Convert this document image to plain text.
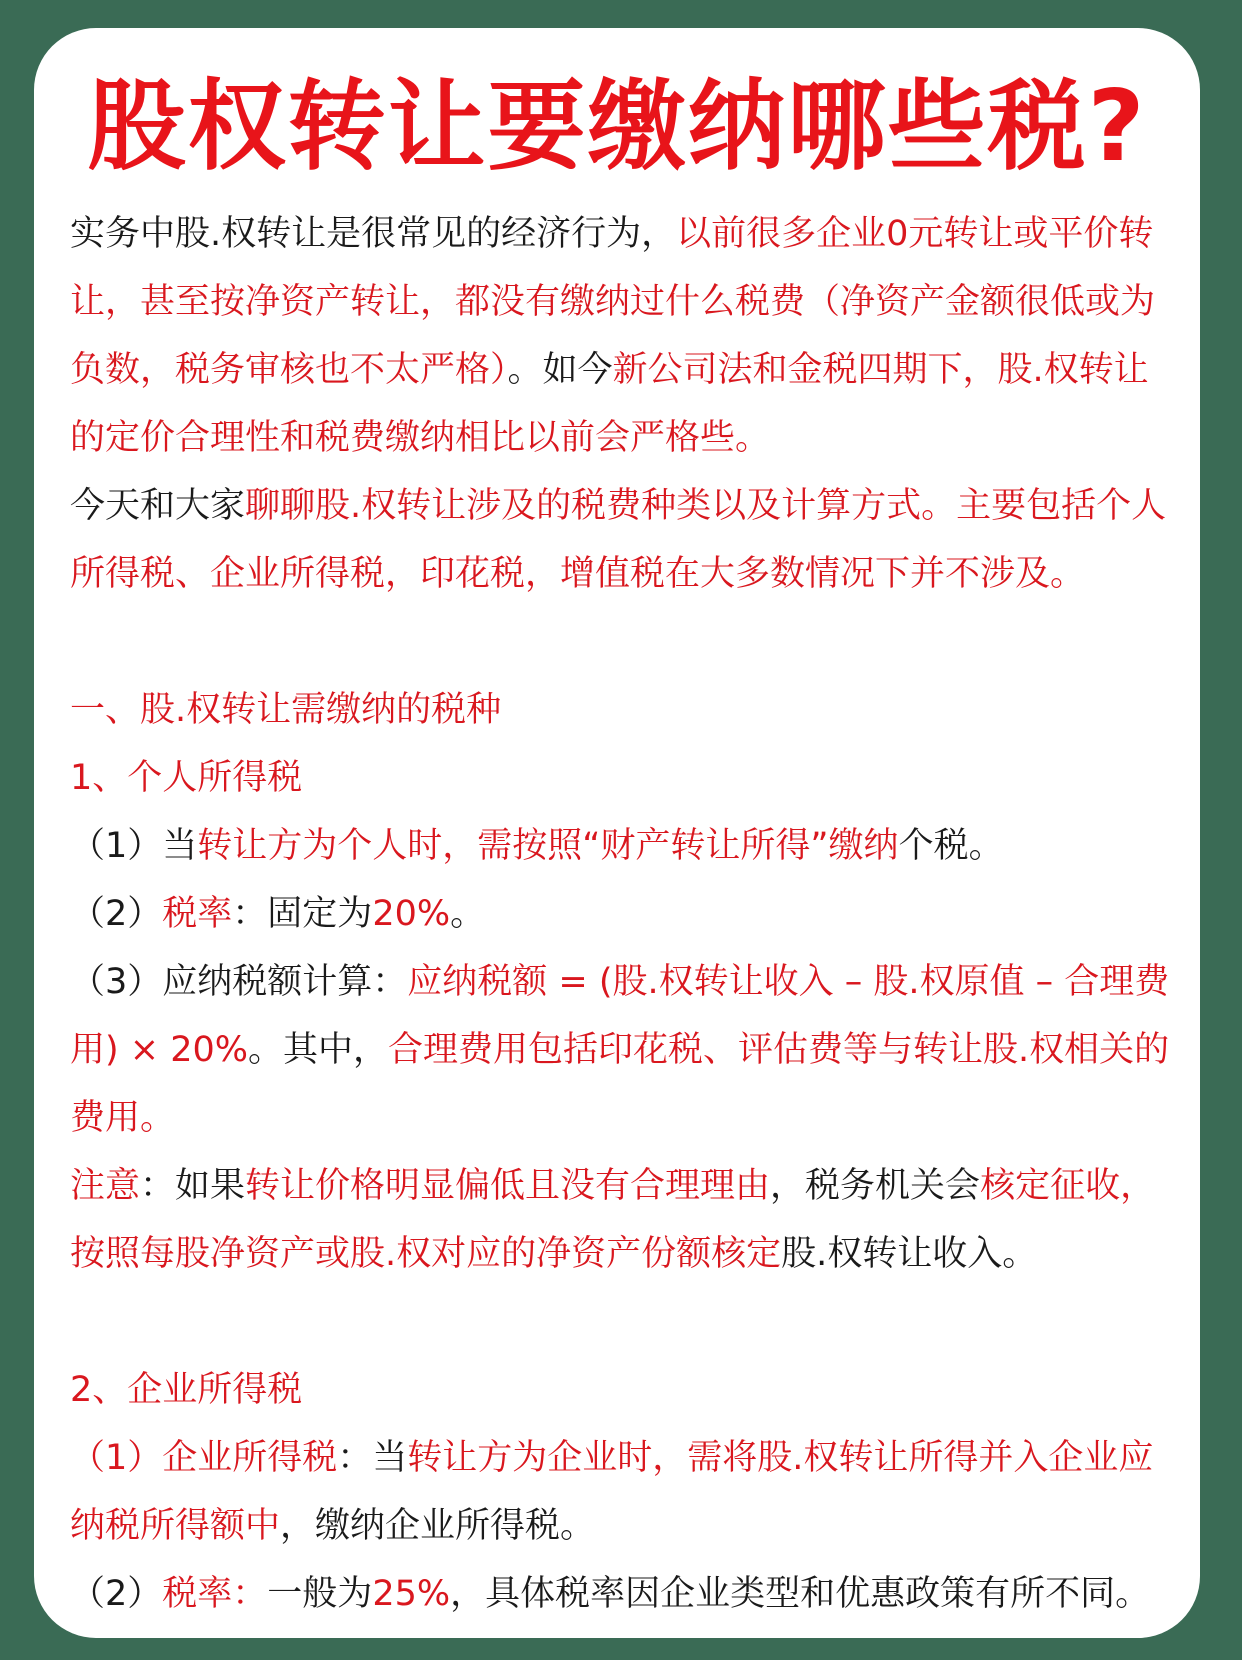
股权转让要缴纳哪些税?

实务中股.权转让是很常见的经济行为，以前很多企业0元转让或平价转让，甚至按净资产转让，都没有缴纳过什么税费（净资产金额很低或为负数，税务审核也不太严格）。如今新公司法和金税四期下，股.权转让的定价合理性和税费缴纳相比以前会严格些。

今天和大家聊聊股.权转让涉及的税费种类以及计算方式。主要包括个人所得税、企业所得税，印花税，增值税在大多数情况下并不涉及。

一、股.权转让需缴纳的税种

1、个人所得税

（1）当转让方为个人时，需按照“财产转让所得”缴纳个税。

（2）税率：固定为20%。

（3）应纳税额计算：应纳税额 = (股.权转让收入 – 股.权原值 – 合理费用) × 20%。其中，合理费用包括印花税、评估费等与转让股.权相关的费用。

注意：如果转让价格明显偏低且没有合理理由，税务机关会核定征收，按照每股净资产或股.权对应的净资产份额核定股.权转让收入。

2、企业所得税

（1）企业所得税：当转让方为企业时，需将股.权转让所得并入企业应纳税所得额中，缴纳企业所得税。

（2）税率：一般为25%，具体税率因企业类型和优惠政策有所不同。
